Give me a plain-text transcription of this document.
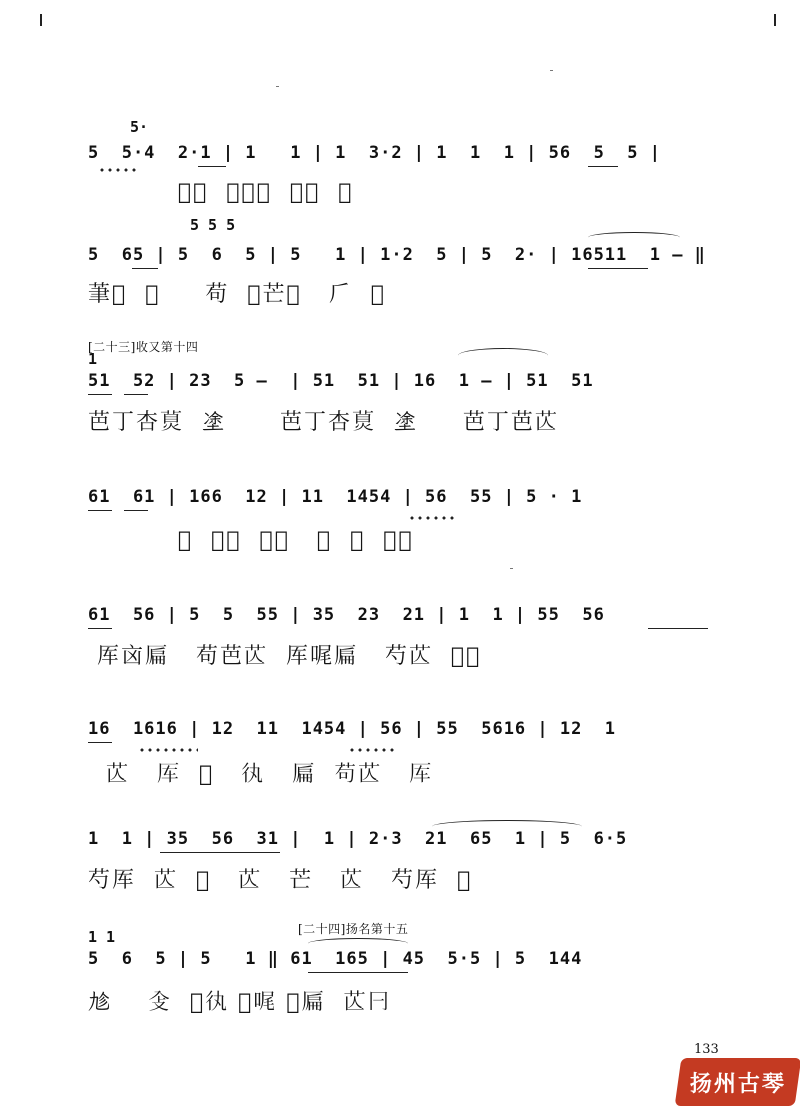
5·
5  5·4  2·1 | 1   1 | 1  3·2 | 1  1  1 | 56  5  5 |
𤓰𠡀  茴苟茴  𠳿𠪂  苟
5 5 5
5  65 | 5  6  5 | 5   1 | 1·2  5 | 5  2· | 16511  1 — ‖
茟𤧳  𤴁     苟  𦬇芒𠆌   𠂆  𦭡
[二十三]收又第十四
1
51  52 | 23  5 —  | 51  51 | 16  1 — | 51  51
芭丁杏𤊾  𡍼      芭丁杏𤊾  𡍼     芭丁芭𦬆
61  61 | 166  12 | 11  1454 | 56  55 | 5 · 1
𣅿  匀厍  𠣷𢓃   𠪂  苟  芭𦬆
61  56 | 5  5  55 | 35  23  21 | 1  1 | 55  56
厍㐫𠪂   苟芭𦬆  厍𠳿𠪂   芍𦬆  𣅿𠡀
16  1616 | 12  11  1454 | 56 | 55  5616 | 12  1
𦬆   厍  𣅿   𢓃   𠪂  苟𦬆   厍
1  1 | 35  56  31 |  1 | 2·3  21  65  1 | 5  6·5
芍厍  𦬆  𠣷   𦬆   芒   𦬆   芍厍  𤓰
[二十四]扬名第十五
1 1
5  6  5 | 5   1 ‖ 61  165 | 45  5·5 | 5  144
𠃩    𠓠  𠣷𢓃 𣅿𠳿 𠡀𠪂  𦬆𠔼
133
扬州古琴
